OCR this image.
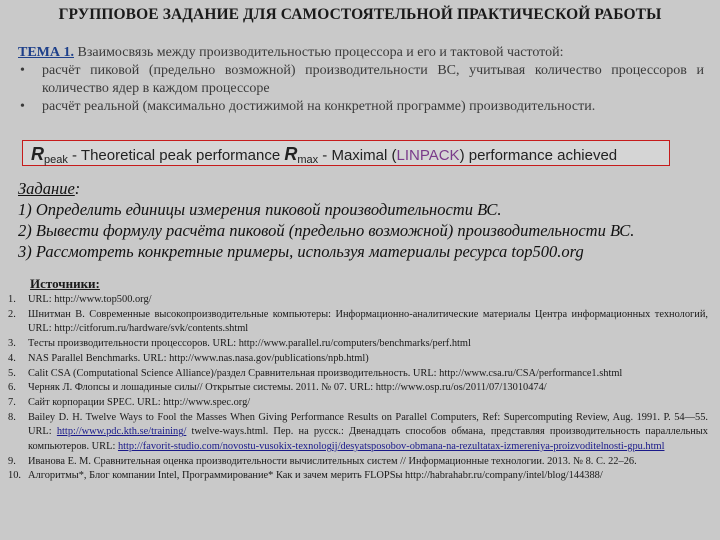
ГРУППОВОЕ ЗАДАНИЕ ДЛЯ САМОСТОЯТЕЛЬНОЙ ПРАКТИЧЕСКОЙ РАБОТЫ
ТЕМА 1. Взаимосвязь между производительностью процессора и его и тактовой частотой:
• расчёт пиковой (предельно возможной) производительности ВС, учитывая количество процессоров и количество ядер в каждом процессоре
• расчёт реальной (максимально достижимой на конкретной программе) производительности.
$R_{peak}$ - Theoretical peak performance $R_{max}$ - Maximal (LINPACK) performance achieved
Задание:
1) Определить единицы измерения пиковой производительности ВС.
2) Вывести формулу расчёта пиковой (предельно возможной) производительности ВС.
3) Рассмотреть конкретные примеры, используя материалы ресурса top500.org
Источники:
1. URL: http://www.top500.org/
2. Шнитман В. Современные высокопроизводительные компьютеры: Информационно-аналитические материалы Центра информационных технологий, URL: http://citforum.ru/hardware/svk/contents.shtml
3. Тесты производительности процессоров. URL: http://www.parallel.ru/computers/benchmarks/perf.html
4. NAS Parallel Benchmarks. URL: http://www.nas.nasa.gov/publications/npb.html)
5. Calit CSA (Computational Science Alliance)/раздел Сравнительная производительность. URL: http://www.csa.ru/CSA/performance1.shtml
6. Черняк Л. Флопсы и лошадиные силы// Открытые системы. 2011. № 07. URL: http://www.osp.ru/os/2011/07/13010474/
7. Сайт корпорации SPEC. URL: http://www.spec.org/
8. Bailey D. H. Twelve Ways to Fool the Masses When Giving Performance Results on Parallel Computers, Ref: Supercomputing Review, Aug. 1991. P. 54—55. URL: http://www.pdc.kth.se/training/ twelve-ways.html. Пер. на русск.: Двенадцать способов обмана, представляя производительность параллельных компьютеров. URL: http://favorit-studio.com/novostu-vusokix-texnologij/desyatsposobov-obmana-na-rezultatax-izmereniya-proizvoditelnosti-gpu.html
9. Иванова Е. М. Сравнительная оценка производительности вычислительных систем // Информационные технологии. 2013. № 8. С. 22–26.
10. Алгоритмы*, Блог компании Intel, Программирование* Как и зачем мерить FLOPSы http://habrahabr.ru/company/intel/blog/144388/
